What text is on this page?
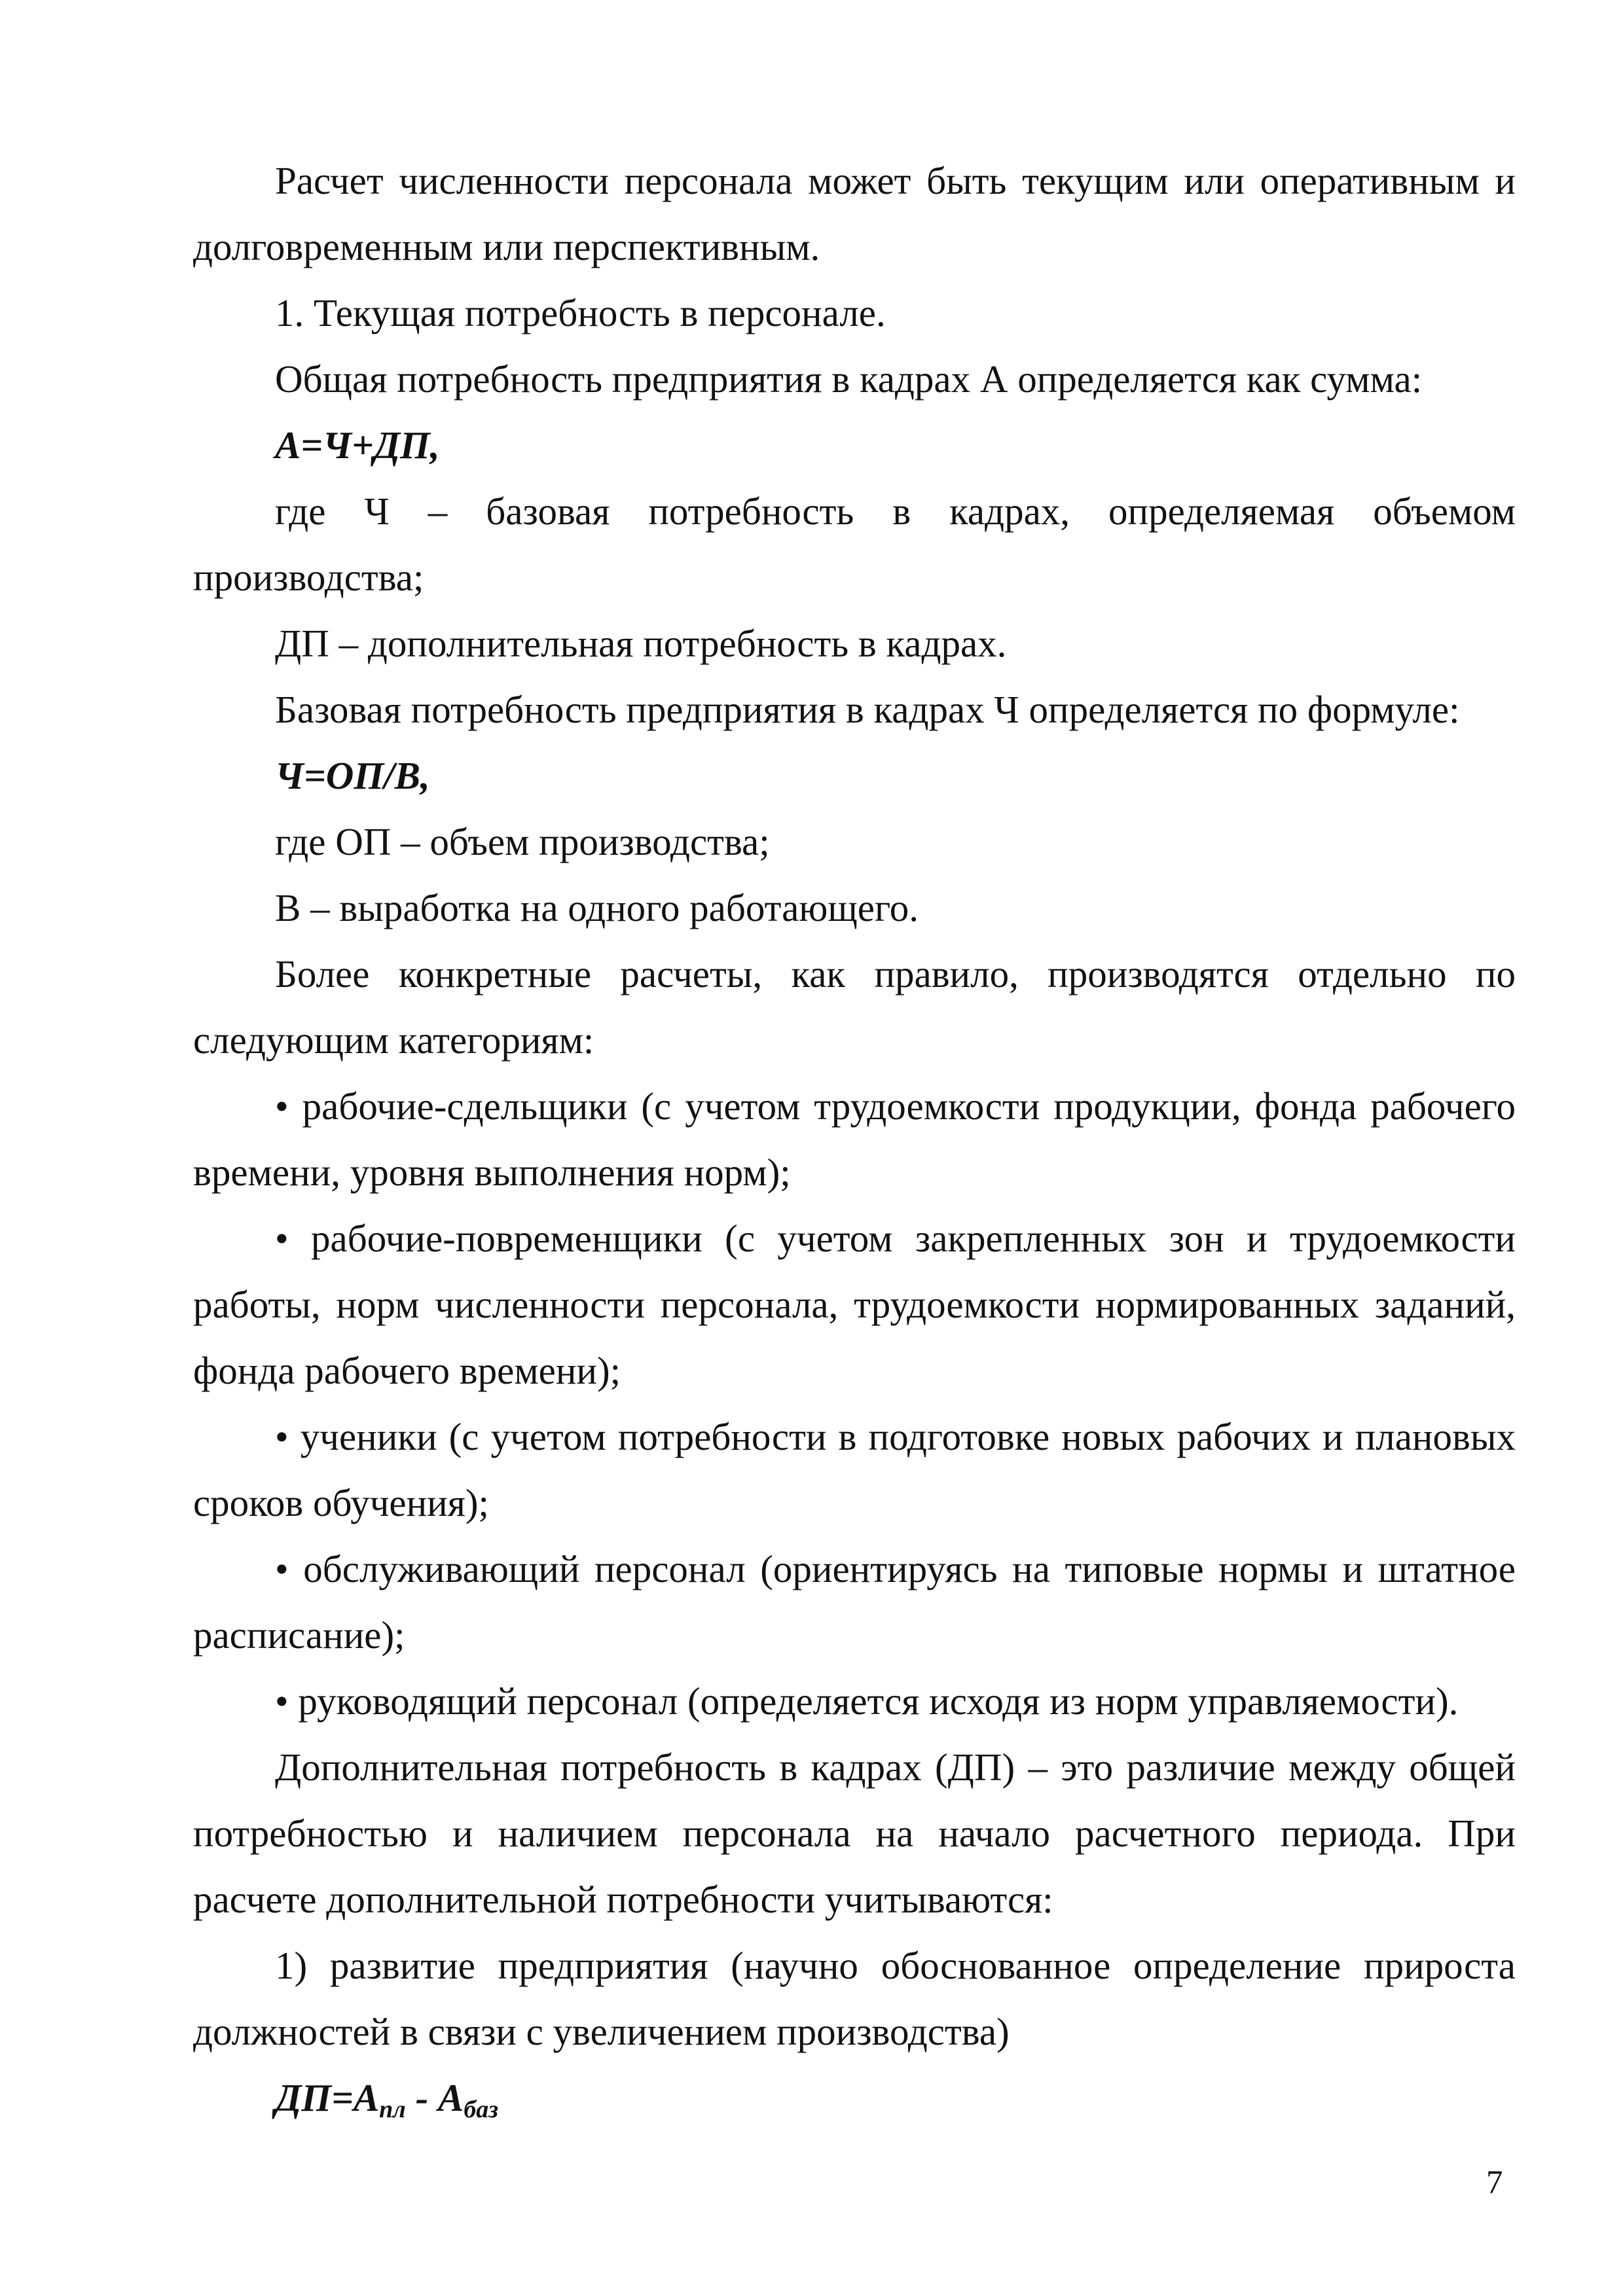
Расчет численности персонала может быть текущим или оперативным и долговременным или перспективным.

1. Текущая потребность в персонале.

Общая потребность предприятия в кадрах А определяется как сумма:

А=Ч+ДП,

где Ч – базовая потребность в кадрах, определяемая объемом производства;

ДП – дополнительная потребность в кадрах.

Базовая потребность предприятия в кадрах Ч определяется по формуле:

Ч=ОП/В,

где ОП – объем производства;

В – выработка на одного работающего.

Более конкретные расчеты, как правило, производятся отдельно по следующим категориям:

• рабочие-сдельщики (с учетом трудоемкости продукции, фонда рабочего времени, уровня выполнения норм);

• рабочие-повременщики (с учетом закрепленных зон и трудоемкости работы, норм численности персонала, трудоемкости нормированных заданий, фонда рабочего времени);

• ученики (с учетом потребности в подготовке новых рабочих и плановых сроков обучения);

• обслуживающий персонал (ориентируясь на типовые нормы и штатное расписание);

• руководящий персонал (определяется исходя из норм управляемости).

Дополнительная потребность в кадрах (ДП) – это различие между общей потребностью и наличием персонала на начало расчетного периода. При расчете дополнительной потребности учитываются:

1) развитие предприятия (научно обоснованное определение прироста должностей в связи с увеличением производства)

$ДП=А_{пл} - А_{баз}$

7
